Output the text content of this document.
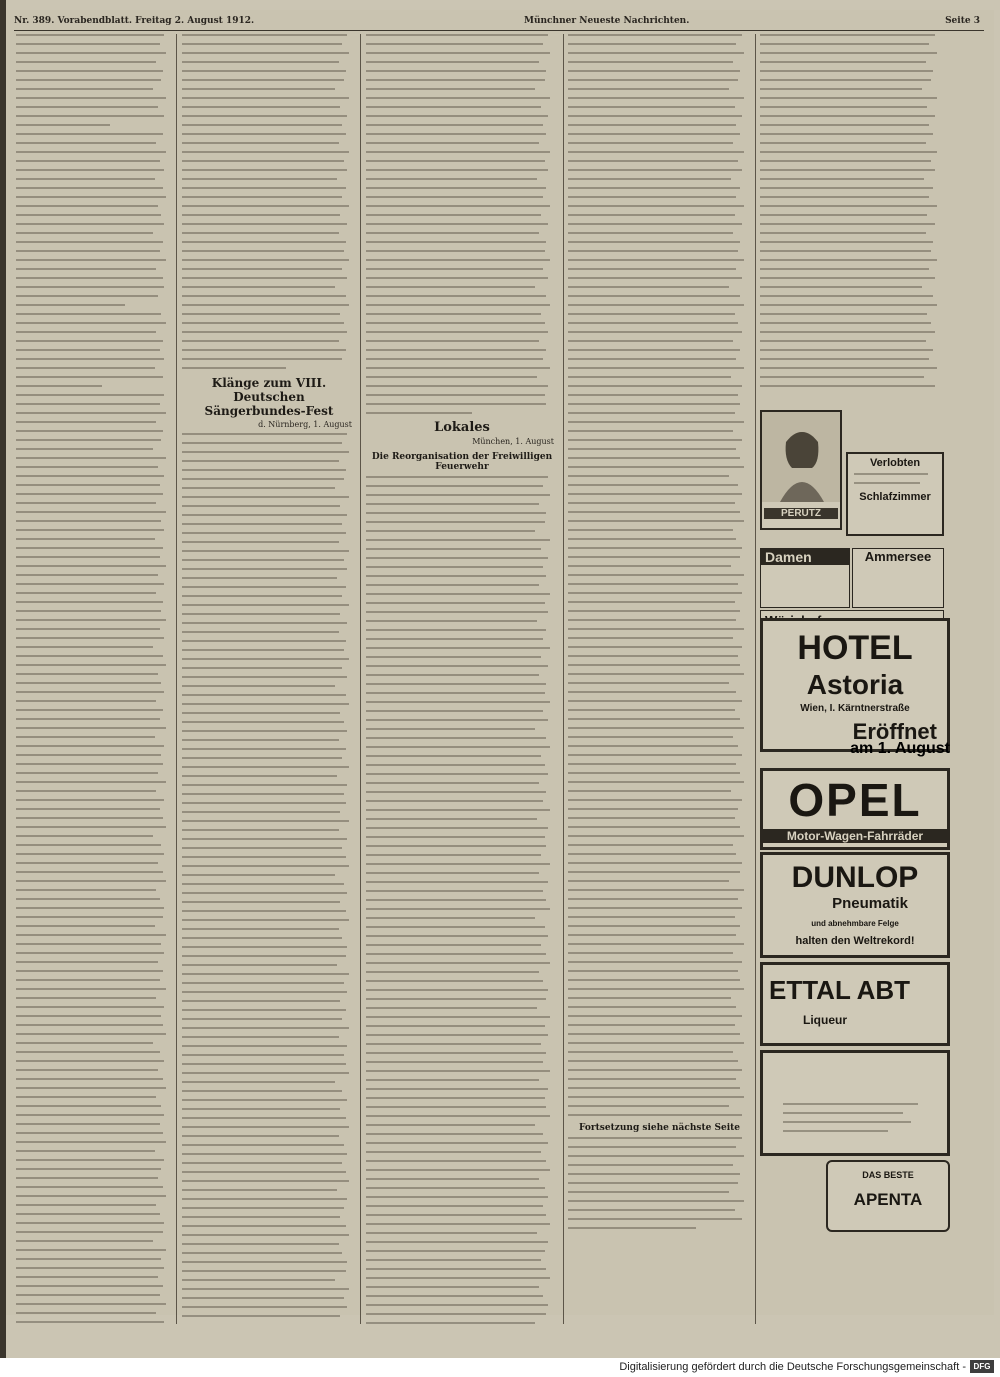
Nr. 389. Vorabendblatt. Freitag 2. August 1912.	Münchner Neueste Nachrichten.	Seite 3
Klänge zum VIII. Deutschen Sängerbundes-Fest
d. Nürnberg, 1. August	Lokales
München, 1. August
Die Reorganisation der Freiwilligen Feuerwehr
Fortsetzung siehe nächste Seite
PERUTZ
Verlobten
Schlafzimmer
Damen	Ammersee
HOTEL
Astoria
Wien, I. Kärntnerstraße
Eröffnet
am 1. August
OPEL
Motor-Wagen-Fahrräder
DUNLOP
Pneumatik
und abnehmbare Felge
halten den Weltrekord!
ETTAL ABT
Liqueur
DAS BESTE
APENTA
Digitalisierung gefördert durch die Deutsche Forschungsgemeinschaft - DFG
